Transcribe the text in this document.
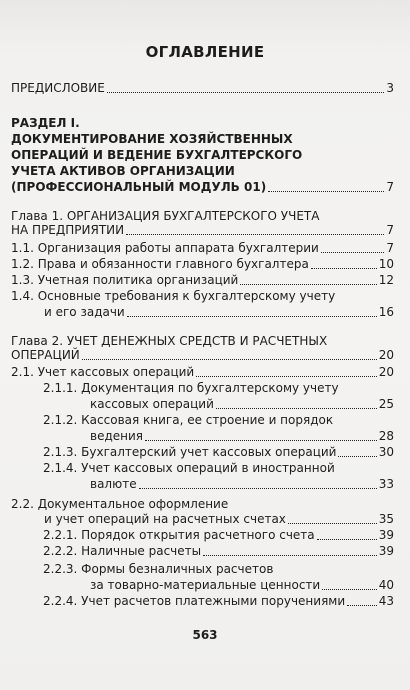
ОГЛАВЛЕНИЕ
ПРЕДИСЛОВИЕ	3
РАЗДЕЛ I.
ДОКУМЕНТИРОВАНИЕ ХОЗЯЙСТВЕННЫХ
ОПЕРАЦИЙ И ВЕДЕНИЕ БУХГАЛТЕРСКОГО
УЧЕТА АКТИВОВ ОРГАНИЗАЦИИ
(ПРОФЕССИОНАЛЬНЫЙ МОДУЛЬ 01)	7
Глава 1. ОРГАНИЗАЦИЯ БУХГАЛТЕРСКОГО УЧЕТА
НА ПРЕДПРИЯТИИ	7
1.1. Организация работы аппарата бухгалтерии	7
1.2. Права и обязанности главного бухгалтера	10
1.3. Учетная политика организаций	12
1.4. Основные требования к бухгалтерскому учету
и его задачи	16
Глава 2. УЧЕТ ДЕНЕЖНЫХ СРЕДСТВ И РАСЧЕТНЫХ
ОПЕРАЦИЙ	20
2.1. Учет кассовых операций	20
2.1.1. Документация по бухгалтерскому учету
кассовых операций	25
2.1.2. Кассовая книга, ее строение и порядок
ведения	28
2.1.3. Бухгалтерский учет кассовых операций	30
2.1.4. Учет кассовых операций в иностранной
валюте	33
2.2. Документальное оформление
и учет операций на расчетных счетах	35
2.2.1. Порядок открытия расчетного счета	39
2.2.2. Наличные расчеты	39
2.2.3. Формы безналичных расчетов
за товарно-материальные ценности	40
2.2.4. Учет расчетов платежными поручениями	43
563
